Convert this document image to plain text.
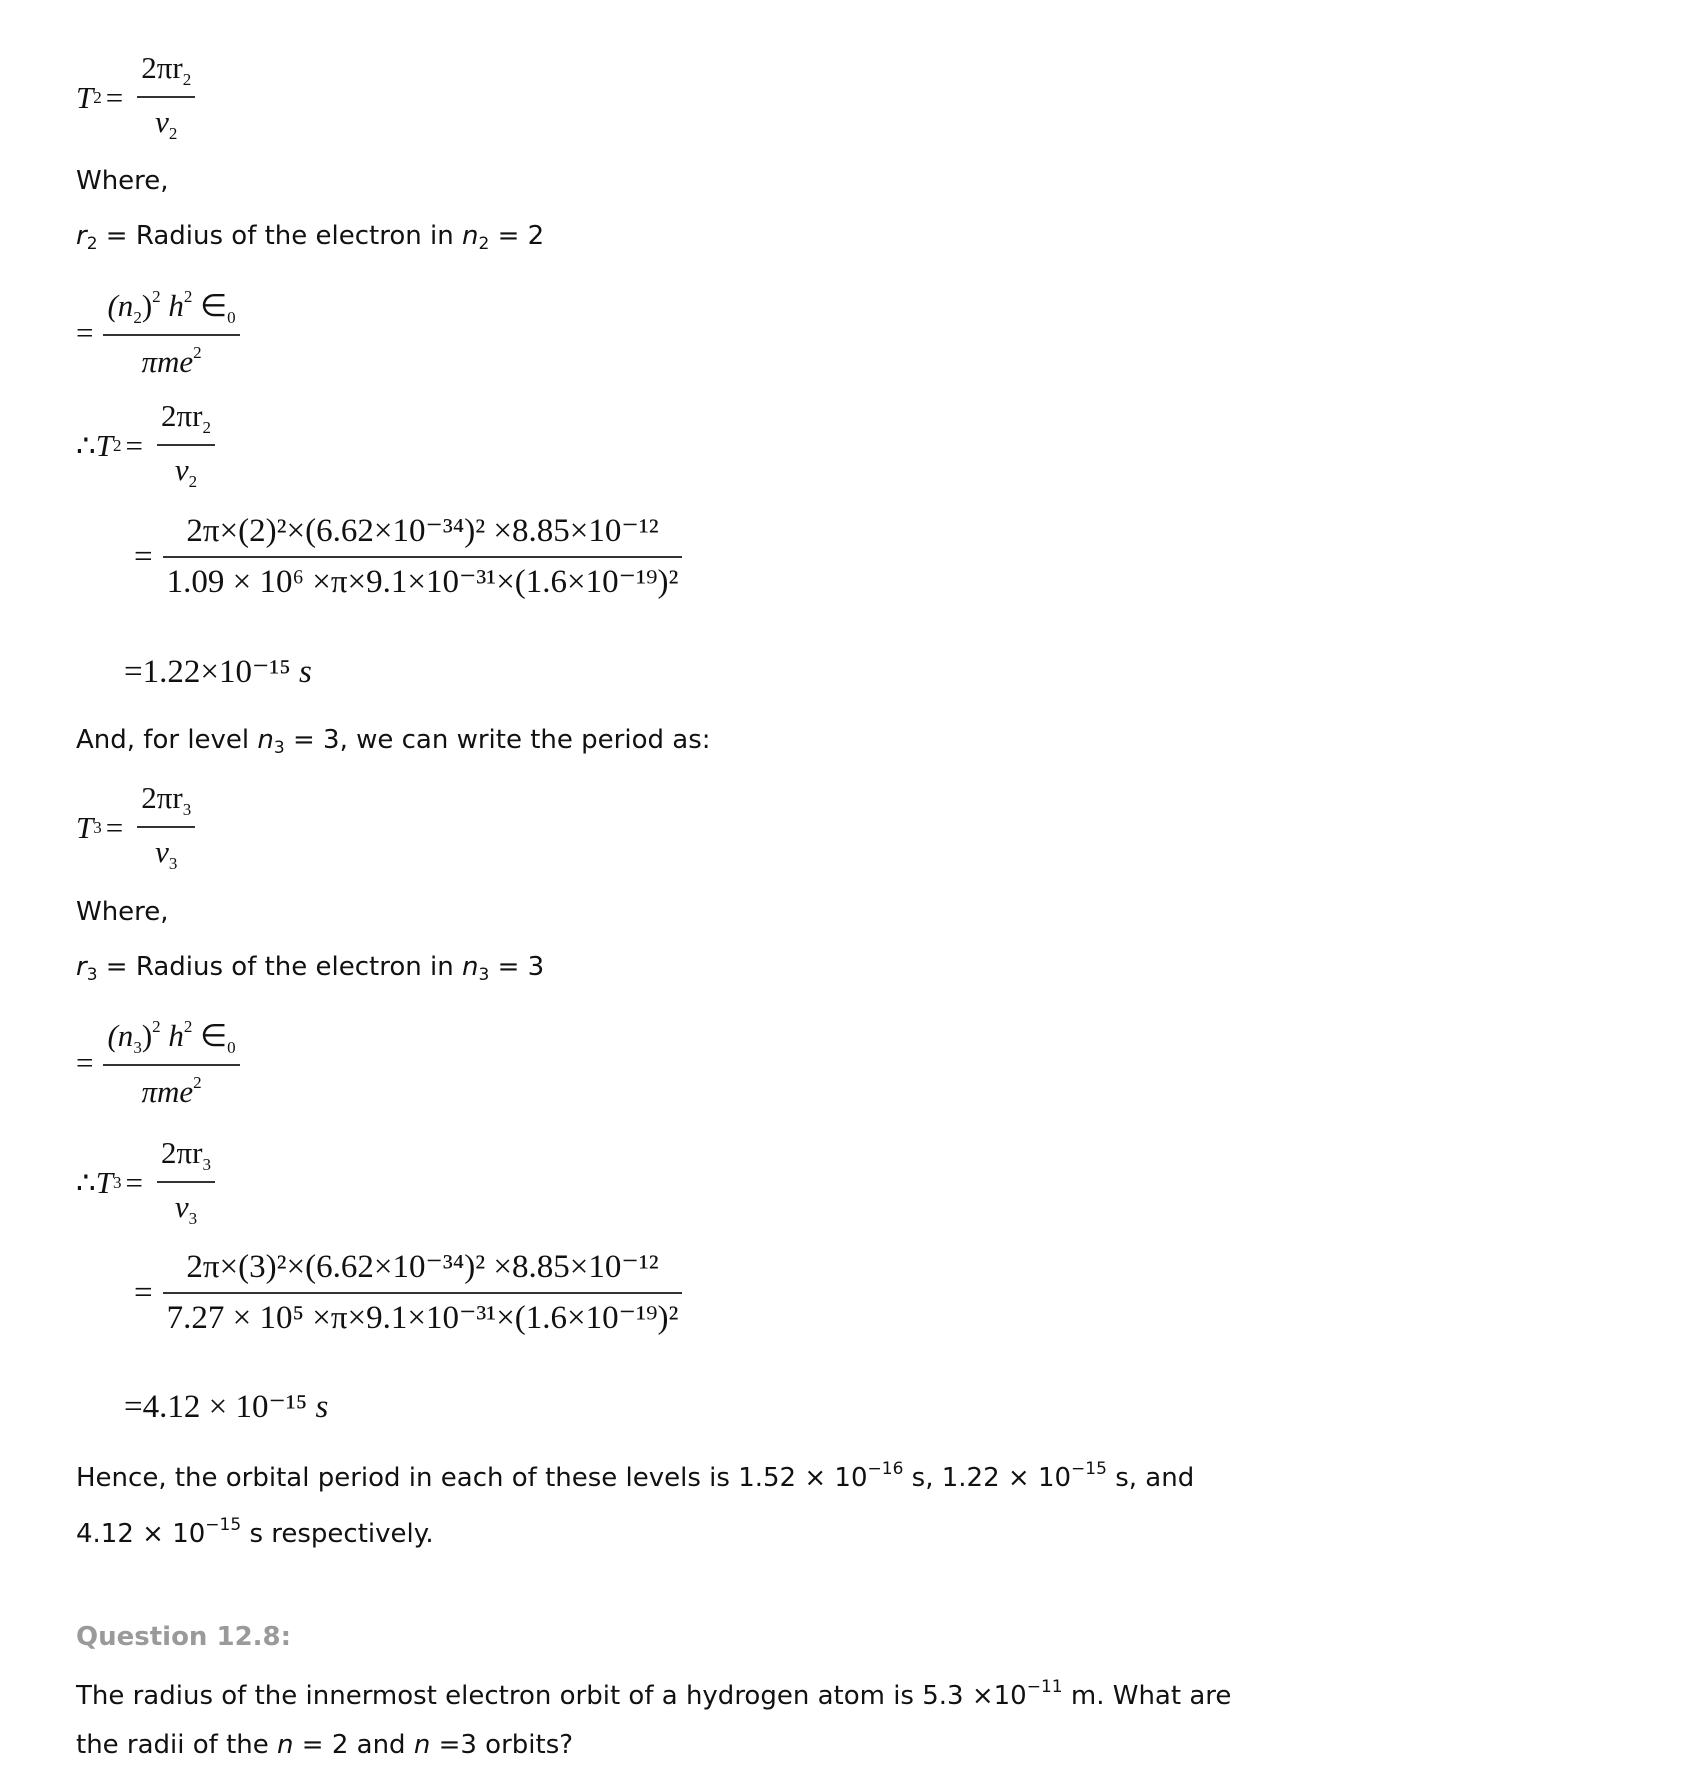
T $2 = \frac{2\pi r_2}{v_2}$
Where,
$r_2$ = Radius of the electron in $n_2 = 2$
= $\frac{(n_2)^2 h^2 \in_0}{\pi me^2}$
∴ T $2 = \frac{2\pi r_2}{v_2}$
= $\frac{\text{2π×(2)²×(6.62×10⁻³⁴)² ×8.85×10⁻¹²}}{\text{1.09 × 10⁶ ×π×9.1×10⁻³¹×(1.6×10⁻¹⁹)²}}$
=1.22×10⁻¹⁵
s
And, for level $n_3 = 3$, we can write the period as:
T $3 = \frac{2\pi r_3}{v_3}$
Where,
$r_3$ = Radius of the electron in $n_3 = 3$
= $\frac{(n_3)^2 h^2 \in_0}{\pi me^2}$
∴ T $3 = \frac{2\pi r_3}{v_3}$
= $\frac{\text{2π×(3)²×(6.62×10⁻³⁴)² ×8.85×10⁻¹²}}{\text{7.27 × 10⁵ ×π×9.1×10⁻³¹×(1.6×10⁻¹⁹)²}}$
=4.12 × 10⁻¹⁵
s
Hence, the orbital period in each of these levels is $1.52 \times 10^{-16}$ s, $1.22 \times 10^{-15}$ s, and
$4.12 \times 10^{-15}$ s respectively.
Question 12.8:
The radius of the innermost electron orbit of a hydrogen atom is $5.3 \times 10^{-11}$ m. What are
the radii of the n = 2 and n =3 orbits?
